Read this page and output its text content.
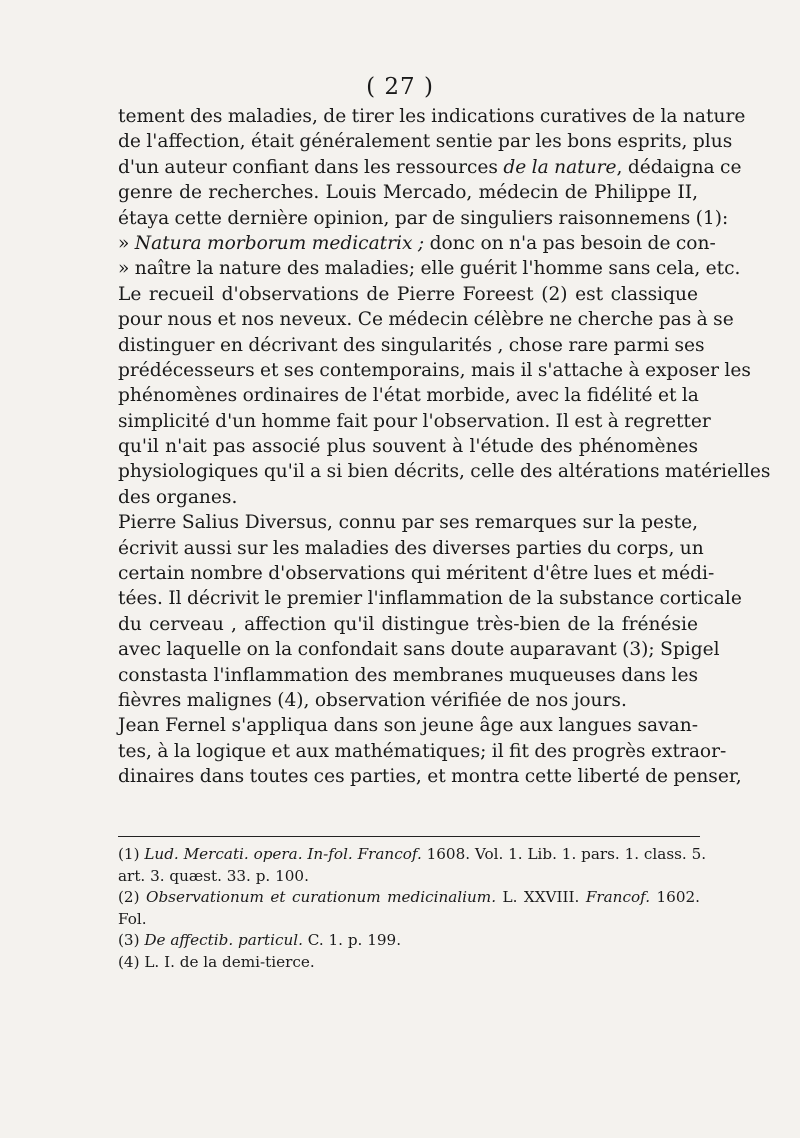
( 27 )
tement des maladies, de tirer les indications curatives de la nature
de l'affection, était généralement sentie par les bons esprits, plus
d'un auteur confiant dans les ressources de la nature, dédaigna ce
genre de recherches. Louis Mercado, médecin de Philippe II,
étaya cette dernière opinion, par de singuliers raisonnemens (1):
» Natura morborum medicatrix ; donc on n'a pas besoin de con-
» naître la nature des maladies; elle guérit l'homme sans cela, etc.
Le recueil d'observations de Pierre Foreest (2) est classique
pour nous et nos neveux. Ce médecin célèbre ne cherche pas à se
distinguer en décrivant des singularités , chose rare parmi ses
prédécesseurs et ses contemporains, mais il s'attache à exposer les
phénomènes ordinaires de l'état morbide, avec la fidélité et la
simplicité d'un homme fait pour l'observation. Il est à regretter
qu'il n'ait pas associé plus souvent à l'étude des phénomènes
physiologiques qu'il a si bien décrits, celle des altérations matérielles
des organes.
Pierre Salius Diversus, connu par ses remarques sur la peste,
écrivit aussi sur les maladies des diverses parties du corps, un
certain nombre d'observations qui méritent d'être lues et médi-
tées. Il décrivit le premier l'inflammation de la substance corticale
du cerveau , affection qu'il distingue très-bien de la frénésie
avec laquelle on la confondait sans doute auparavant (3); Spigel
constasta l'inflammation des membranes muqueuses dans les
fièvres malignes (4), observation vérifiée de nos jours.
Jean Fernel s'appliqua dans son jeune âge aux langues savan-
tes, à la logique et aux mathématiques; il fit des progrès extraor-
dinaires dans toutes ces parties, et montra cette liberté de penser,
(1) Lud. Mercati. opera. In-fol. Francof. 1608. Vol. 1. Lib. 1. pars. 1. class. 5.
art. 3. quæst. 33. p. 100.
(2) Observationum et curationum medicinalium. L. XXVIII. Francof. 1602.
Fol.
(3) De affectib. particul. C. 1. p. 199.
(4) L. I. de la demi-tierce.
